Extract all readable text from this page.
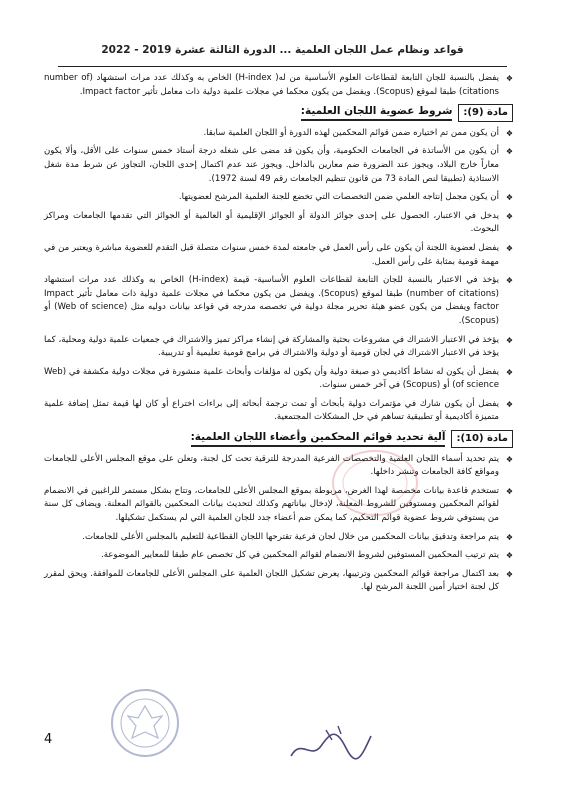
قواعد ونظام عمل اللجان العلمية ... الدورة الثالثة عشرة 2019 - 2022
❖
يفضل بالنسبة للجان التابعة لقطاعات العلوم الأساسية من له( H-index) الخاص به وكذلك عدد مرات استشهاد (number of citations) طبقا لموقع (Scopus). ويفضل من يكون محكما في مجلات علمية دولية ذات معامل تأثير Impact factor.
مادة (9):
شروط عضوية اللجان العلمية:
❖
أن يكون ممن تم اختياره ضمن قوائم المحكمين لهذه الدورة أو اللجان العلمية سابقا.
❖
أن يكون من الأساتذة في الجامعات الحكومية، وأن يكون قد مضى على شغله درجة أستاذ خمس سنوات على الأقل، وألا يكون معاراً خارج البلاد، ويجوز عند الضرورة ضم معارين بالداخل. ويجوز عند عدم اكتمال إحدى اللجان، التجاوز عن شرط مدة شغل الاستاذية (تطبيقا لنص المادة 73 من قانون تنظيم الجامعات رقم 49 لسنة 1972).
❖
أن يكون مجمل إنتاجه العلمي ضمن التخصصات التي تخضع للجنة العلمية المرشح لعضويتها.
❖
يدخل في الاعتبار، الحصول على إحدى جوائز الدولة أو الجوائز الإقليمية أو العالمية أو الجوائز التي تقدمها الجامعات ومراكز البحوث.
❖
يفضل لعضوية اللجنة أن يكون على رأس العمل في جامعته لمدة خمس سنوات متصلة قبل التقدم للعضوية مباشرة ويعتبر من في مهمة قومية بمثابة على رأس العمل.
❖
يؤخذ في الاعتبار بالنسبة للجان التابعة لقطاعات العلوم الأساسية- قيمة (H-index) الخاص به وكذلك عدد مرات استشهاد (number of citations) طبقا لموقع (Scopus). ويفضل من يكون محكما في مجلات علمية دولية ذات معامل تأثير Impact factor ويفضل من يكون عضو هيئة تحرير مجلة دولية في تخصصه مدرجه في قواعد بيانات دوليه مثل (Web of science) أو (Scopus).
❖
يؤخذ في الاعتبار الاشتراك في مشروعات بحثية والمشاركة في إنشاء مراكز تميز والاشتراك في جمعيات علمية دولية ومحلية، كما يؤخذ في الاعتبار الاشتراك في لجان قومية أو دولية والاشتراك في برامج قومية تعليمية أو تدريبية.
❖
يفضل أن يكون له نشاط أكاديمي ذو صبغة دولية وأن يكون له مؤلفات وأبحاث علمية منشورة في مجلات دولية مكشفة في (Web of science) أو (Scopus) في آخر خمس سنوات.
❖
يفضل أن يكون شارك في مؤتمرات دولية بأبحاث أو تمت ترجمة أبحاثه إلى براءات اختراع أو كان لها قيمة تمثل إضافة علمية متميزة أكاديمية أو تطبيقية تساهم في حل المشكلات المجتمعية.
مادة (10):
آلية تحديد قوائم المحكمين وأعضاء اللجان العلمية:
❖
يتم تحديد أسماء اللجان العلمية والتخصصات الفرعية المدرجة للترقية تحت كل لجنة، وتعلن على موقع المجلس الأعلى للجامعات ومواقع كافة الجامعات وتنشر داخلها.
❖
تستخدم قاعدة بيانات مخصصة لهذا الغرض، مربوطة بموقع المجلس الأعلى للجامعات، وتتاح بشكل مستمر للراغبين في الانضمام لقوائم المحكمين ومستوفين للشروط المعلنة، لإدخال بياناتهم وكذلك لتحديث بيانات المحكمين بالقوائم المعلنة. ويضاف كل سنة من يستوفي شروط عضوية قوائم التحكيم، كما يمكن ضم أعضاء جدد للجان العلمية التي لم يستكمل تشكيلها.
❖
يتم مراجعة وتدقيق بيانات المحكمين من خلال لجان فرعية تقترحها اللجان القطاعية للتعليم بالمجلس الأعلى للجامعات.
❖
يتم ترتيب المحكمين المستوفين لشروط الانضمام لقوائم المحكمين في كل تخصص عام طبقا للمعايير الموضوعة.
❖
بعد اكتمال مراجعة قوائم المحكمين وترتيبها، يعرض تشكيل اللجان العلمية على المجلس الأعلى للجامعات للموافقة. ويحق لمقرر كل لجنة اختيار أمين اللجنة المرشح لها.
4
